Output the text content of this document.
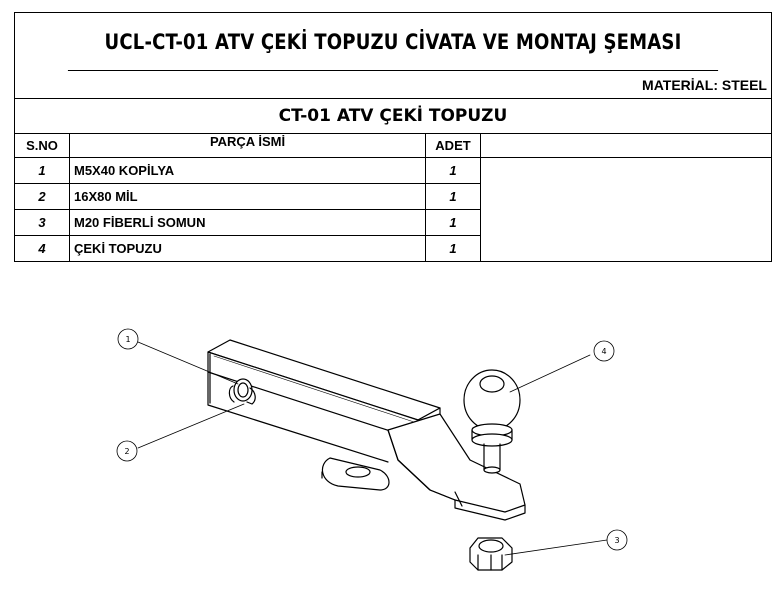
UCL-CT-01 ATV ÇEKİ TOPUZU CİVATA VE MONTAJ ŞEMASI
MATERİAL: STEEL
CT-01 ATV ÇEKİ TOPUZU
S.NO	PARÇA İSMİ	ADET	
1	M5X40 KOPİLYA	1	
2	16X80 MİL	1	
3	M20 FİBERLİ SOMUN	1	
4	ÇEKİ TOPUZU	1	
1
2
3
4
